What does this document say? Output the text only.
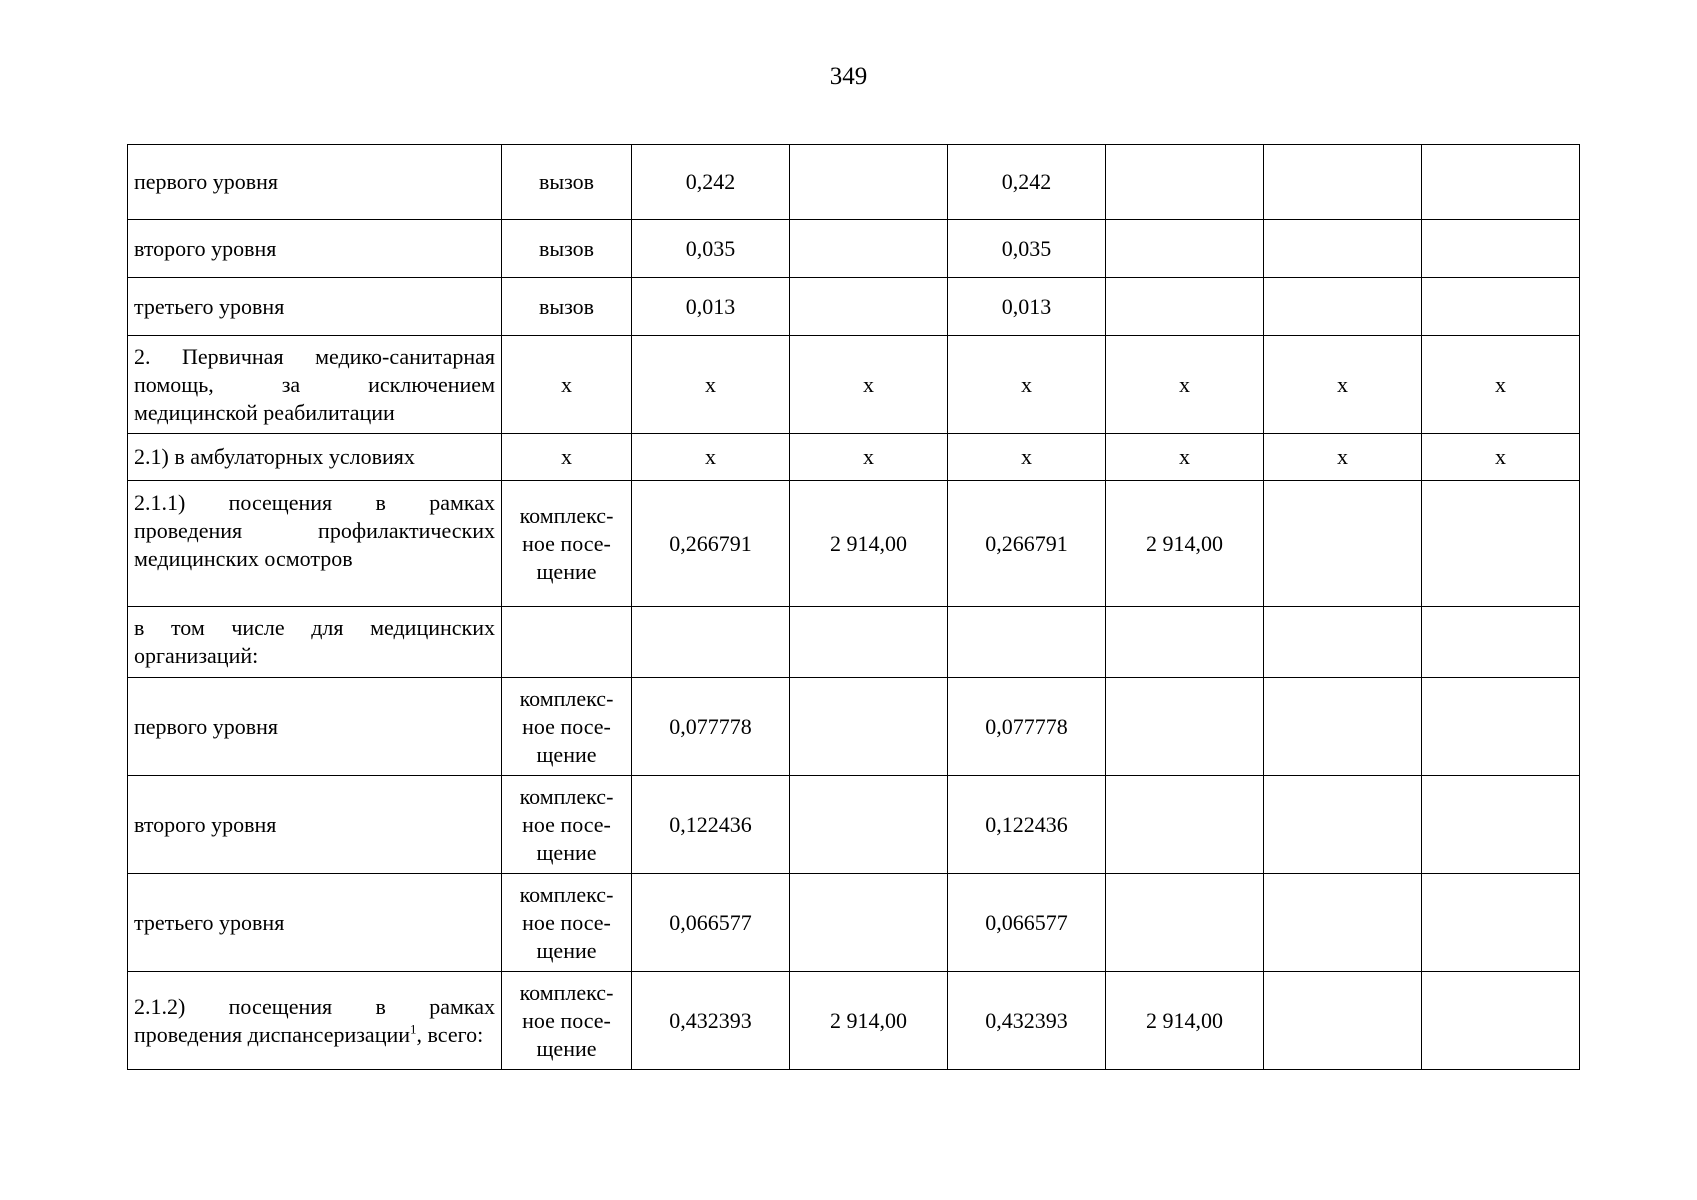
349
первого уровня	вызов	0,242		0,242			
второго уровня	вызов	0,035		0,035			
третьего уровня	вызов	0,013		0,013			
2. Первичная медико-санитарная помощь, за исключением медицинской реабилитации	х	х	х	х	х	х	х
2.1) в амбулаторных условиях	х	х	х	х	х	х	х
2.1.1) посещения в рамках проведения профилактических медицинских осмотров	комплекс-ное посе-щение	0,266791	2 914,00	0,266791	2 914,00		
в том числе для медицинских организаций:							
первого уровня	комплекс-ное посе-щение	0,077778		0,077778			
второго уровня	комплекс-ное посе-щение	0,122436		0,122436			
третьего уровня	комплекс-ное посе-щение	0,066577		0,066577			
2.1.2) посещения в рамках проведения диспансеризации$^1$, всего:	комплекс-ное посе-щение	0,432393	2 914,00	0,432393	2 914,00		
